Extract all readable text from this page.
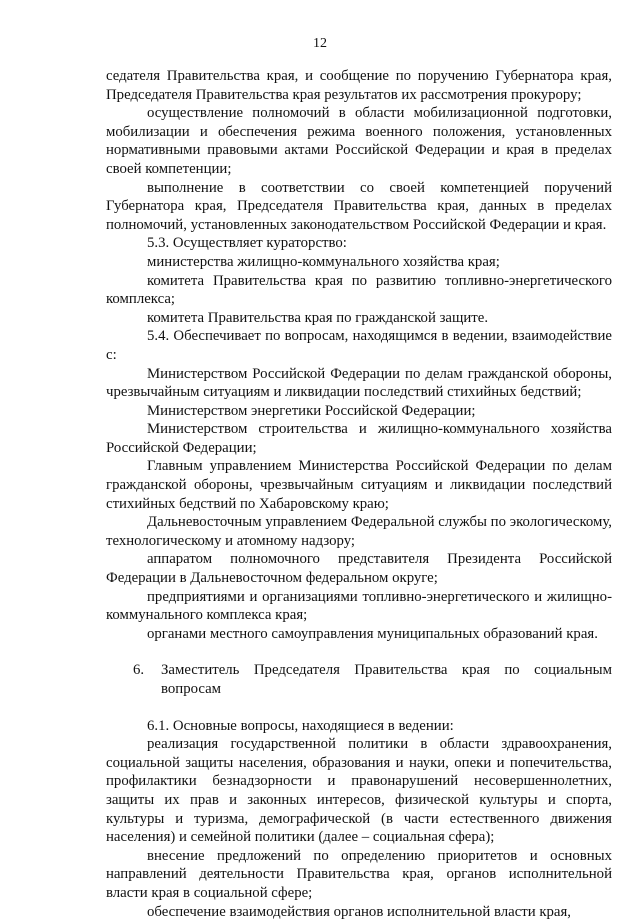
12

седателя Правительства края, и сообщение по поручению Губернатора края, Председателя Правительства края результатов их рассмотрения прокурору;

осуществление полномочий в области мобилизационной подготовки, мобилизации и обеспечения режима военного положения, установленных нормативными правовыми актами Российской Федерации и края в пределах своей компетенции;

выполнение в соответствии со своей компетенцией поручений Губернатора края, Председателя Правительства края, данных в пределах полномочий, установленных законодательством Российской Федерации и края.

5.3. Осуществляет кураторство:

министерства жилищно-коммунального хозяйства края;

комитета Правительства края по развитию топливно-энергетического комплекса;

комитета Правительства края по гражданской защите.

5.4. Обеспечивает по вопросам, находящимся в ведении, взаимодействие с:

Министерством Российской Федерации по делам гражданской обороны, чрезвычайным ситуациям и ликвидации последствий стихийных бедствий;

Министерством энергетики Российской Федерации;

Министерством строительства и жилищно-коммунального хозяйства Российской Федерации;

Главным управлением Министерства Российской Федерации по делам гражданской обороны, чрезвычайным ситуациям и ликвидации последствий стихийных бедствий по Хабаровскому краю;

Дальневосточным управлением Федеральной службы по экологическому, технологическому и атомному надзору;

аппаратом полномочного представителя Президента Российской Федерации в Дальневосточном федеральном округе;

предприятиями и организациями топливно-энергетического и жилищно-коммунального комплекса края;

органами местного самоуправления муниципальных образований края.

6. Заместитель Председателя Правительства края по социальным вопросам

6.1. Основные вопросы, находящиеся в ведении:

реализация государственной политики в области здравоохранения, социальной защиты населения, образования и науки, опеки и попечительства, профилактики безнадзорности и правонарушений несовершеннолетних, защиты их прав и законных интересов, физической культуры и спорта, культуры и туризма, демографической (в части естественного движения населения) и семейной политики (далее – социальная сфера);

внесение предложений по определению приоритетов и основных направлений деятельности Правительства края, органов исполнительной власти края в социальной сфере;

обеспечение взаимодействия органов исполнительной власти края,
